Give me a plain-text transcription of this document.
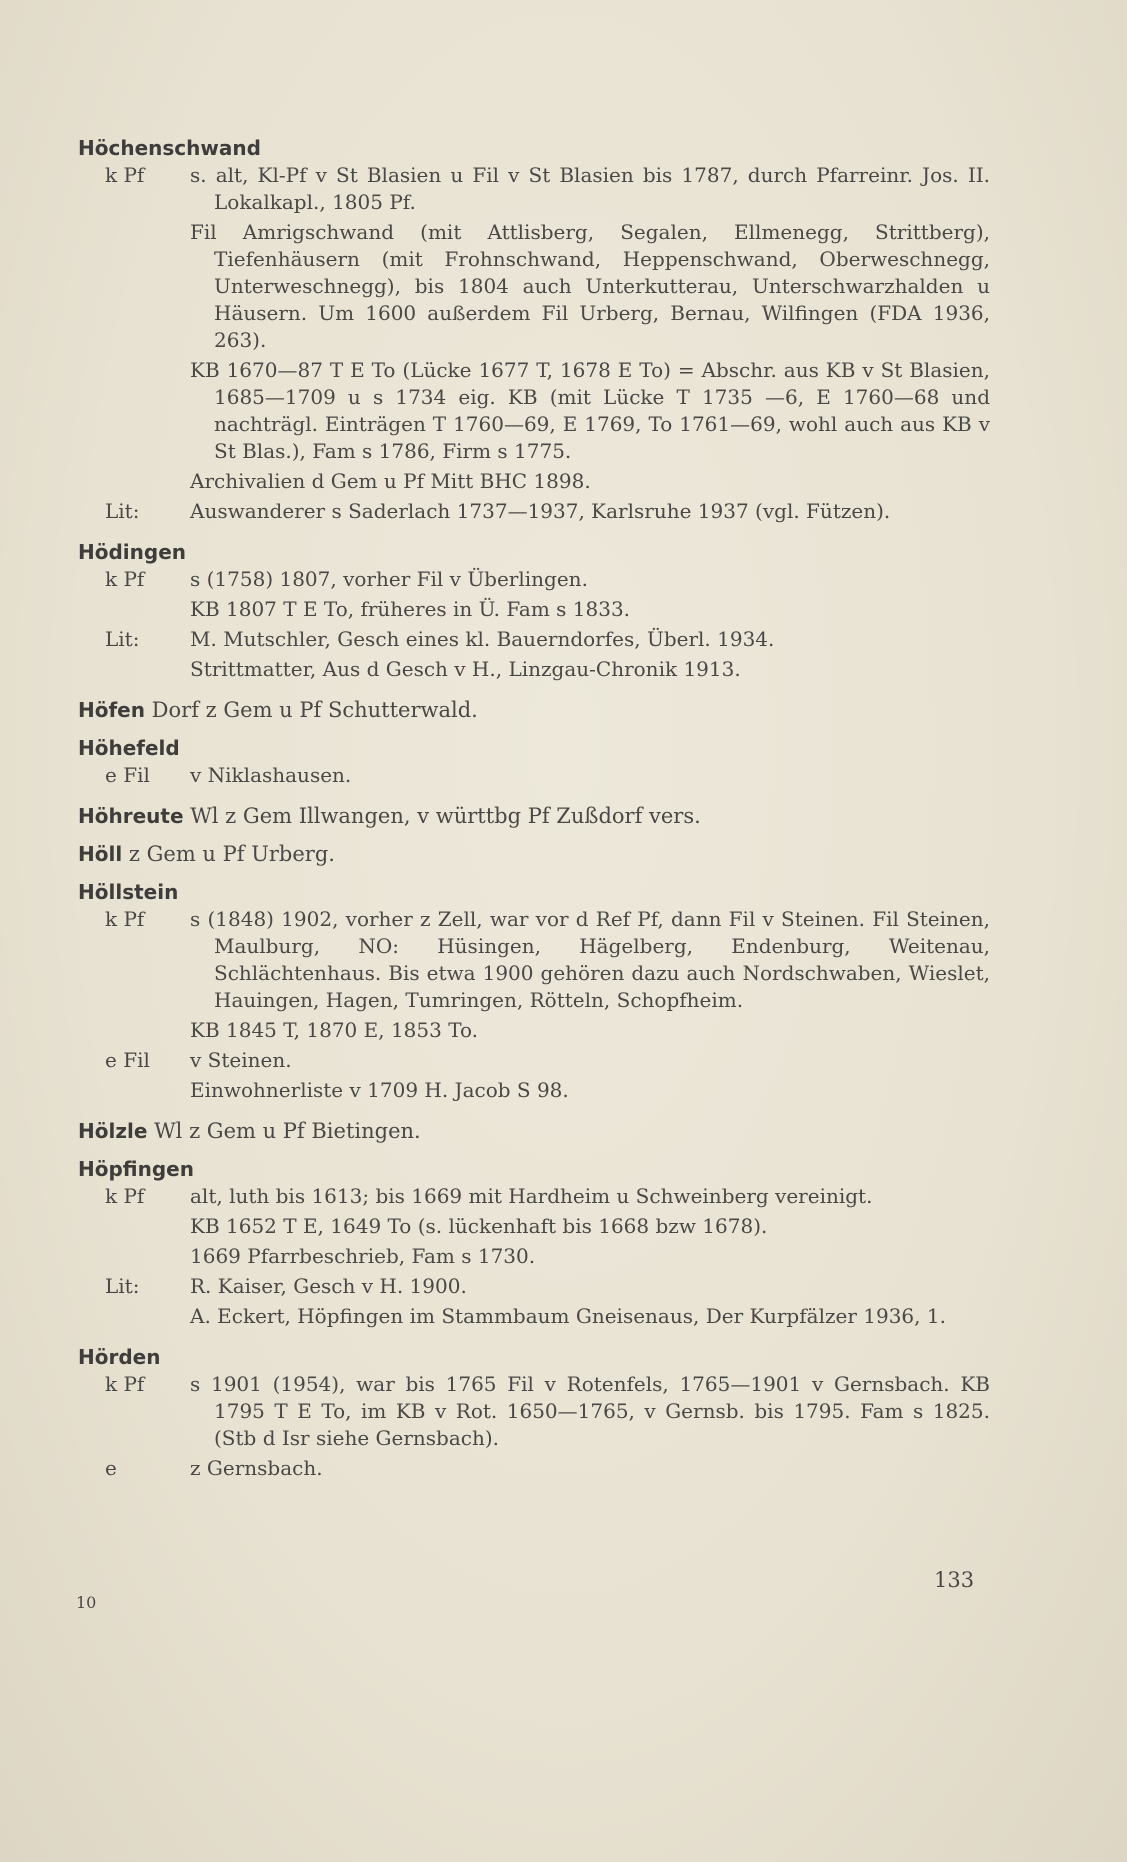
Höchenschwand
k Pf	s. alt, Kl-Pf v St Blasien u Fil v St Blasien bis 1787, durch Pfarreinr. Jos. II. Lokalkapl., 1805 Pf.

Fil Amrigschwand (mit Attlisberg, Segalen, Ellmenegg, Strittberg), Tiefenhäusern (mit Frohnschwand, Heppenschwand, Oberweschnegg, Unterweschnegg), bis 1804 auch Unterkutterau, Unterschwarzhalden u Häusern. Um 1600 außerdem Fil Urberg, Bernau, Wilfingen (FDA 1936, 263).

KB 1670—87 T E To (Lücke 1677 T, 1678 E To) = Abschr. aus KB v St Blasien, 1685—1709 u s 1734 eig. KB (mit Lücke T 1735 —6, E 1760—68 und nachträgl. Einträgen T 1760—69, E 1769, To 1761—69, wohl auch aus KB v St Blas.), Fam s 1786, Firm s 1775.

Archivalien d Gem u Pf Mitt BHC 1898.

Lit:	Auswanderer s Saderlach 1737—1937, Karlsruhe 1937 (vgl. Fützen).

Hödingen
k Pf	s (1758) 1807, vorher Fil v Überlingen.

KB 1807 T E To, früheres in Ü. Fam s 1833.

Lit:	M. Mutschler, Gesch eines kl. Bauerndorfes, Überl. 1934.

Strittmatter, Aus d Gesch v H., Linzgau-Chronik 1913.

Höfen Dorf z Gem u Pf Schutterwald.
Höhefeld
e Fil	v Niklashausen.

Höhreute Wl z Gem Illwangen, v württbg Pf Zußdorf vers.
Höll z Gem u Pf Urberg.
Höllstein
k Pf	s (1848) 1902, vorher z Zell, war vor d Ref Pf, dann Fil v Steinen. Fil Steinen, Maulburg, NO: Hüsingen, Hägelberg, Endenburg, Weitenau, Schlächtenhaus. Bis etwa 1900 gehören dazu auch Nordschwaben, Wieslet, Hauingen, Hagen, Tumringen, Rötteln, Schopfheim.

KB 1845 T, 1870 E, 1853 To.

e Fil	v Steinen.

Einwohnerliste v 1709 H. Jacob S 98.

Hölzle Wl z Gem u Pf Bietingen.
Höpfingen
k Pf	alt, luth bis 1613; bis 1669 mit Hardheim u Schweinberg vereinigt.

KB 1652 T E, 1649 To (s. lückenhaft bis 1668 bzw 1678).

1669 Pfarrbeschrieb, Fam s 1730.

Lit:	R. Kaiser, Gesch v H. 1900.

A. Eckert, Höpfingen im Stammbaum Gneisenaus, Der Kurpfälzer 1936, 1.

Hörden
k Pf	s 1901 (1954), war bis 1765 Fil v Rotenfels, 1765—1901 v Gernsbach. KB 1795 T E To, im KB v Rot. 1650—1765, v Gernsb. bis 1795. Fam s 1825. (Stb d Isr siehe Gernsbach).

e	z Gernsbach.

133
10
